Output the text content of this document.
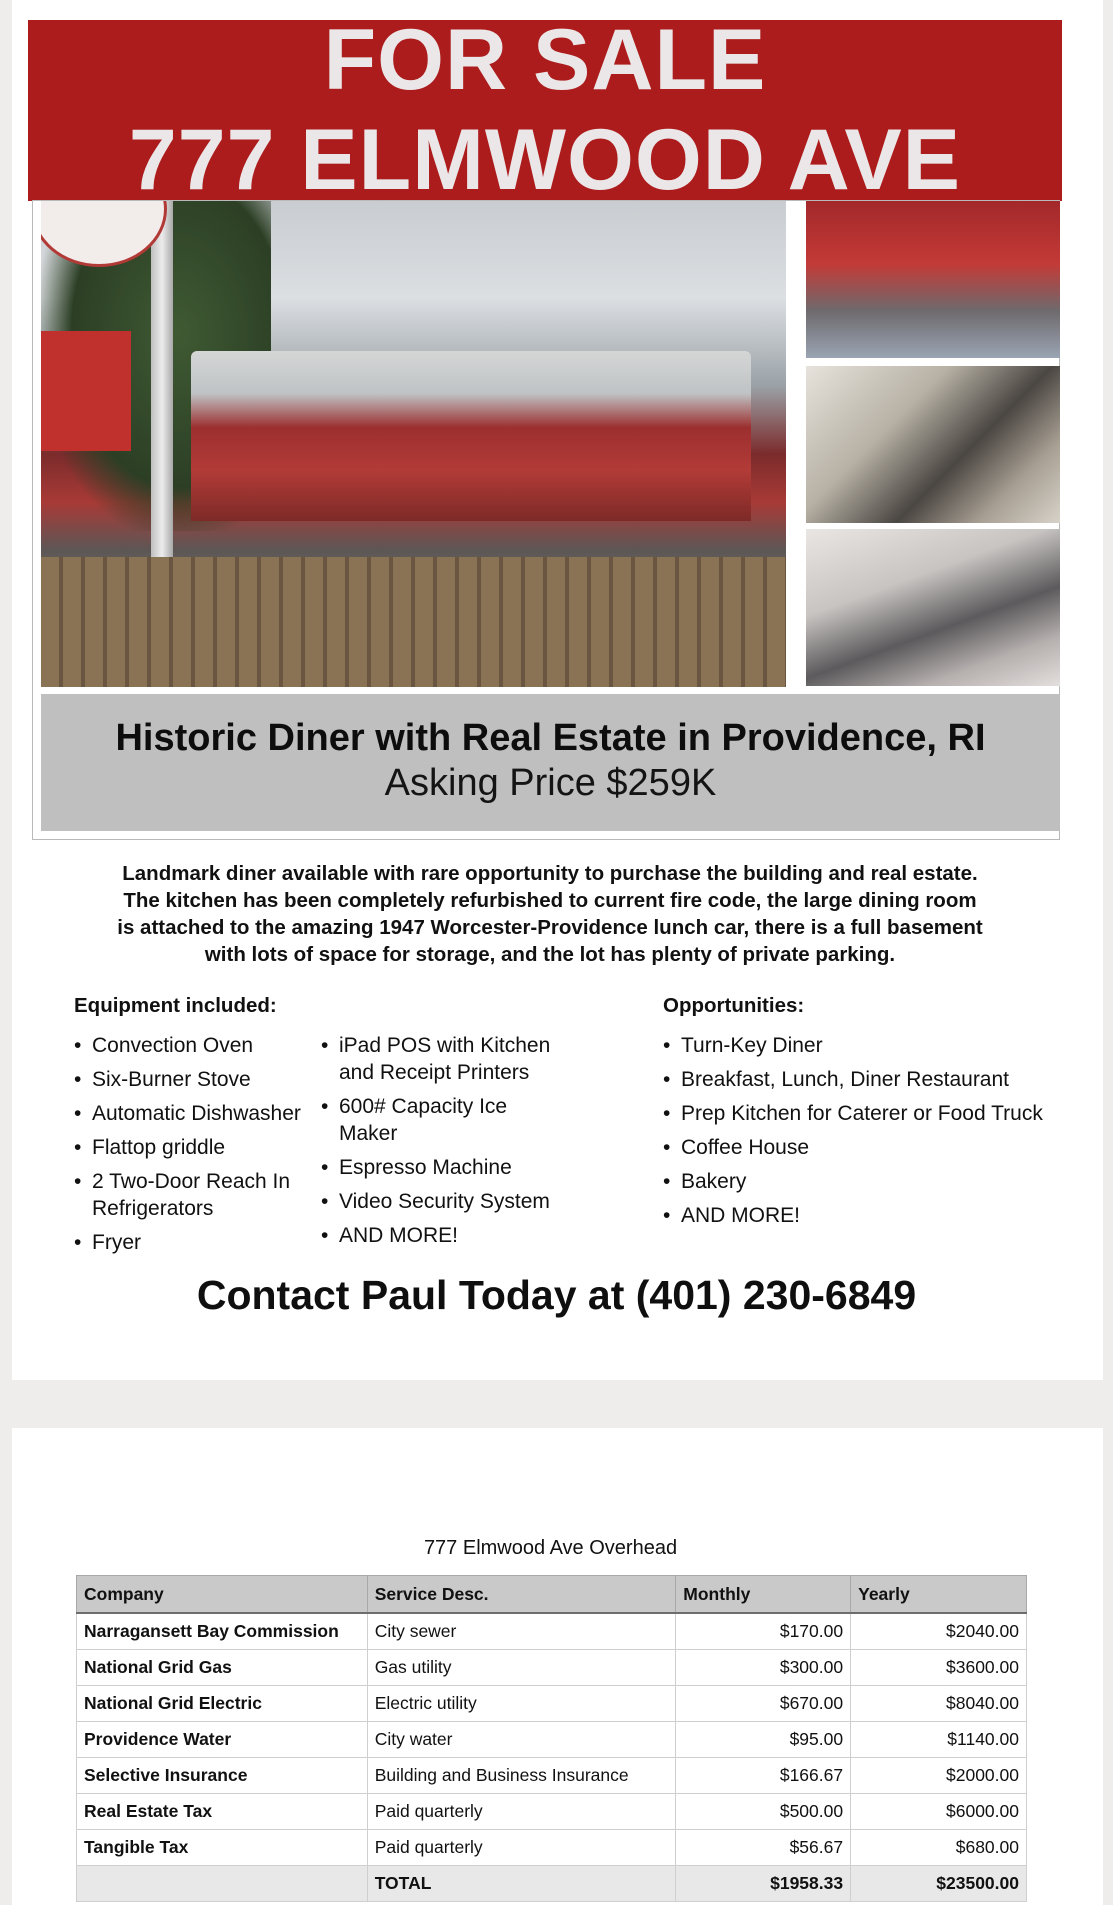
FOR SALE
777 ELMWOOD AVE
Historic Diner with Real Estate in Providence, RI
Asking Price $259K
Landmark diner available with rare opportunity to purchase the building and real estate.
The kitchen has been completely refurbished to current fire code, the large dining room
is attached to the amazing 1947 Worcester-Providence lunch car, there is a full basement
with lots of space for storage, and the lot has plenty of private parking.
Equipment included:
• Convection Oven
• Six-Burner Stove
• Automatic Dishwasher
• Flattop griddle
• 2 Two-Door Reach In Refrigerators
• Fryer
• iPad POS with Kitchen and Receipt Printers
• 600# Capacity Ice Maker
• Espresso Machine
• Video Security System
• AND MORE!
Opportunities:
• Turn-Key Diner
• Breakfast, Lunch, Diner Restaurant
• Prep Kitchen for Caterer or Food Truck
• Coffee House
• Bakery
• AND MORE!
Contact Paul Today at (401) 230-6849
777 Elmwood Ave Overhead
Company	Service Desc.	Monthly	Yearly
Narragansett Bay Commission	City sewer	$170.00	$2040.00
National Grid Gas	Gas utility	$300.00	$3600.00
National Grid Electric	Electric utility	$670.00	$8040.00
Providence Water	City water	$95.00	$1140.00
Selective Insurance	Building and Business Insurance	$166.67	$2000.00
Real Estate Tax	Paid quarterly	$500.00	$6000.00
Tangible Tax	Paid quarterly	$56.67	$680.00
	TOTAL	$1958.33	$23500.00
